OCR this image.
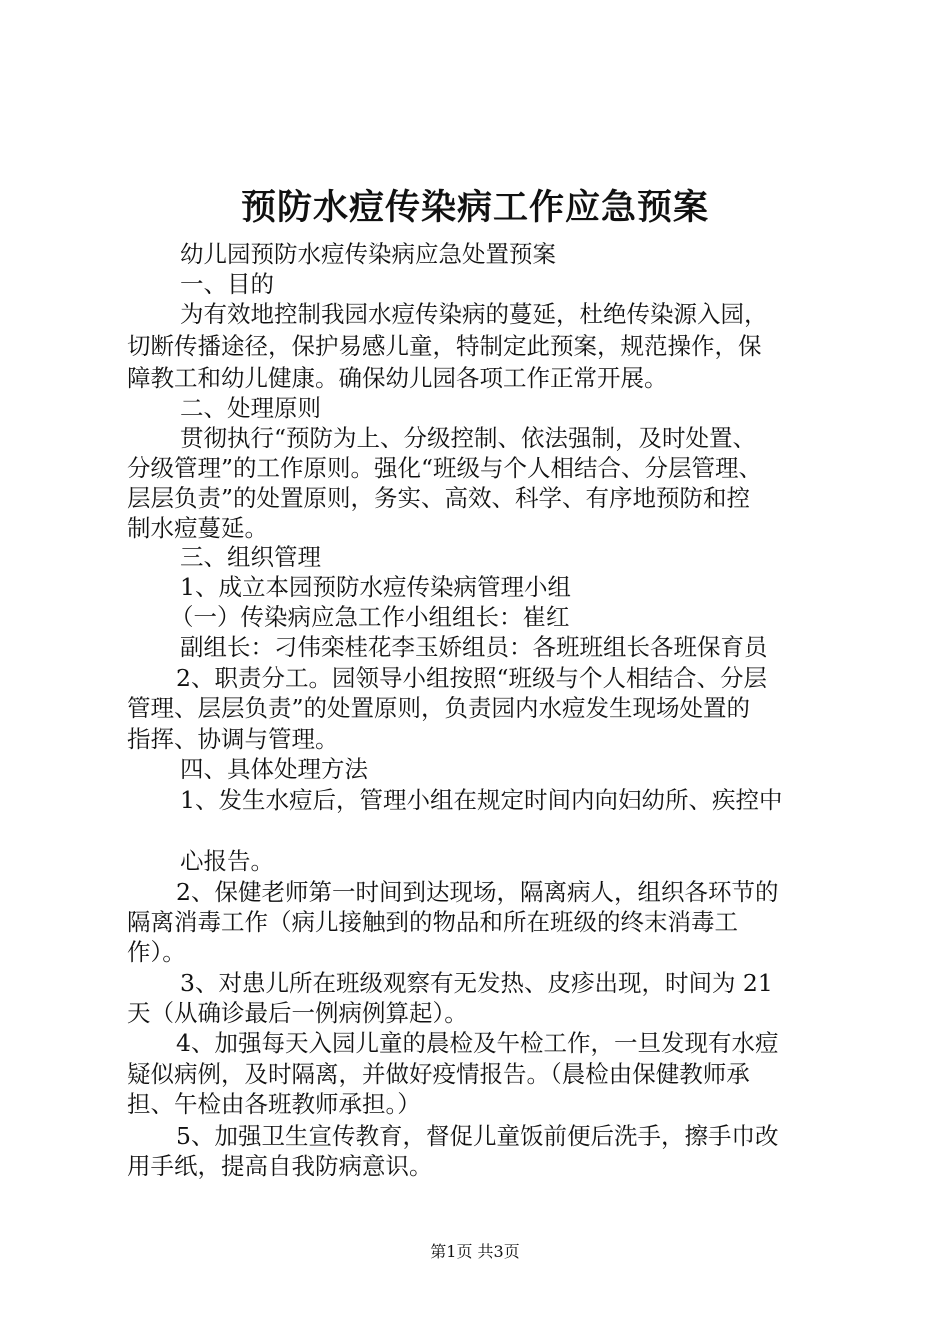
预防水痘传染病工作应急预案
幼儿园预防水痘传染病应急处置预案
一、目的
为有效地控制我园水痘传染病的蔓延，杜绝传染源入园，
切断传播途径，保护易感儿童，特制定此预案，规范操作，保
障教工和幼儿健康。确保幼儿园各项工作正常开展。
二、处理原则
贯彻执行“预防为上、分级控制、依法强制，及时处置、
分级管理”的工作原则。强化“班级与个人相结合、分层管理、
层层负责”的处置原则，务实、高效、科学、有序地预防和控
制水痘蔓延。
三、组织管理
1、成立本园预防水痘传染病管理小组
（一）传染病应急工作小组组长：崔红
副组长：刁伟栾桂花李玉娇组员：各班班组长各班保育员
2、职责分工。园领导小组按照“班级与个人相结合、分层
管理、层层负责”的处置原则，负责园内水痘发生现场处置的
指挥、协调与管理。
四、具体处理方法
1、发生水痘后，管理小组在规定时间内向妇幼所、疾控中
心报告。
2、保健老师第一时间到达现场，隔离病人，组织各环节的
隔离消毒工作（病儿接触到的物品和所在班级的终末消毒工
作）。
3、对患儿所在班级观察有无发热、皮疹出现，时间为 21
天（从确诊最后一例病例算起）。
4、加强每天入园儿童的晨检及午检工作，一旦发现有水痘
疑似病例，及时隔离，并做好疫情报告。（晨检由保健教师承
担、午检由各班教师承担。）
5、加强卫生宣传教育，督促儿童饭前便后洗手，擦手巾改
用手纸，提高自我防病意识。
第1页 共3页
